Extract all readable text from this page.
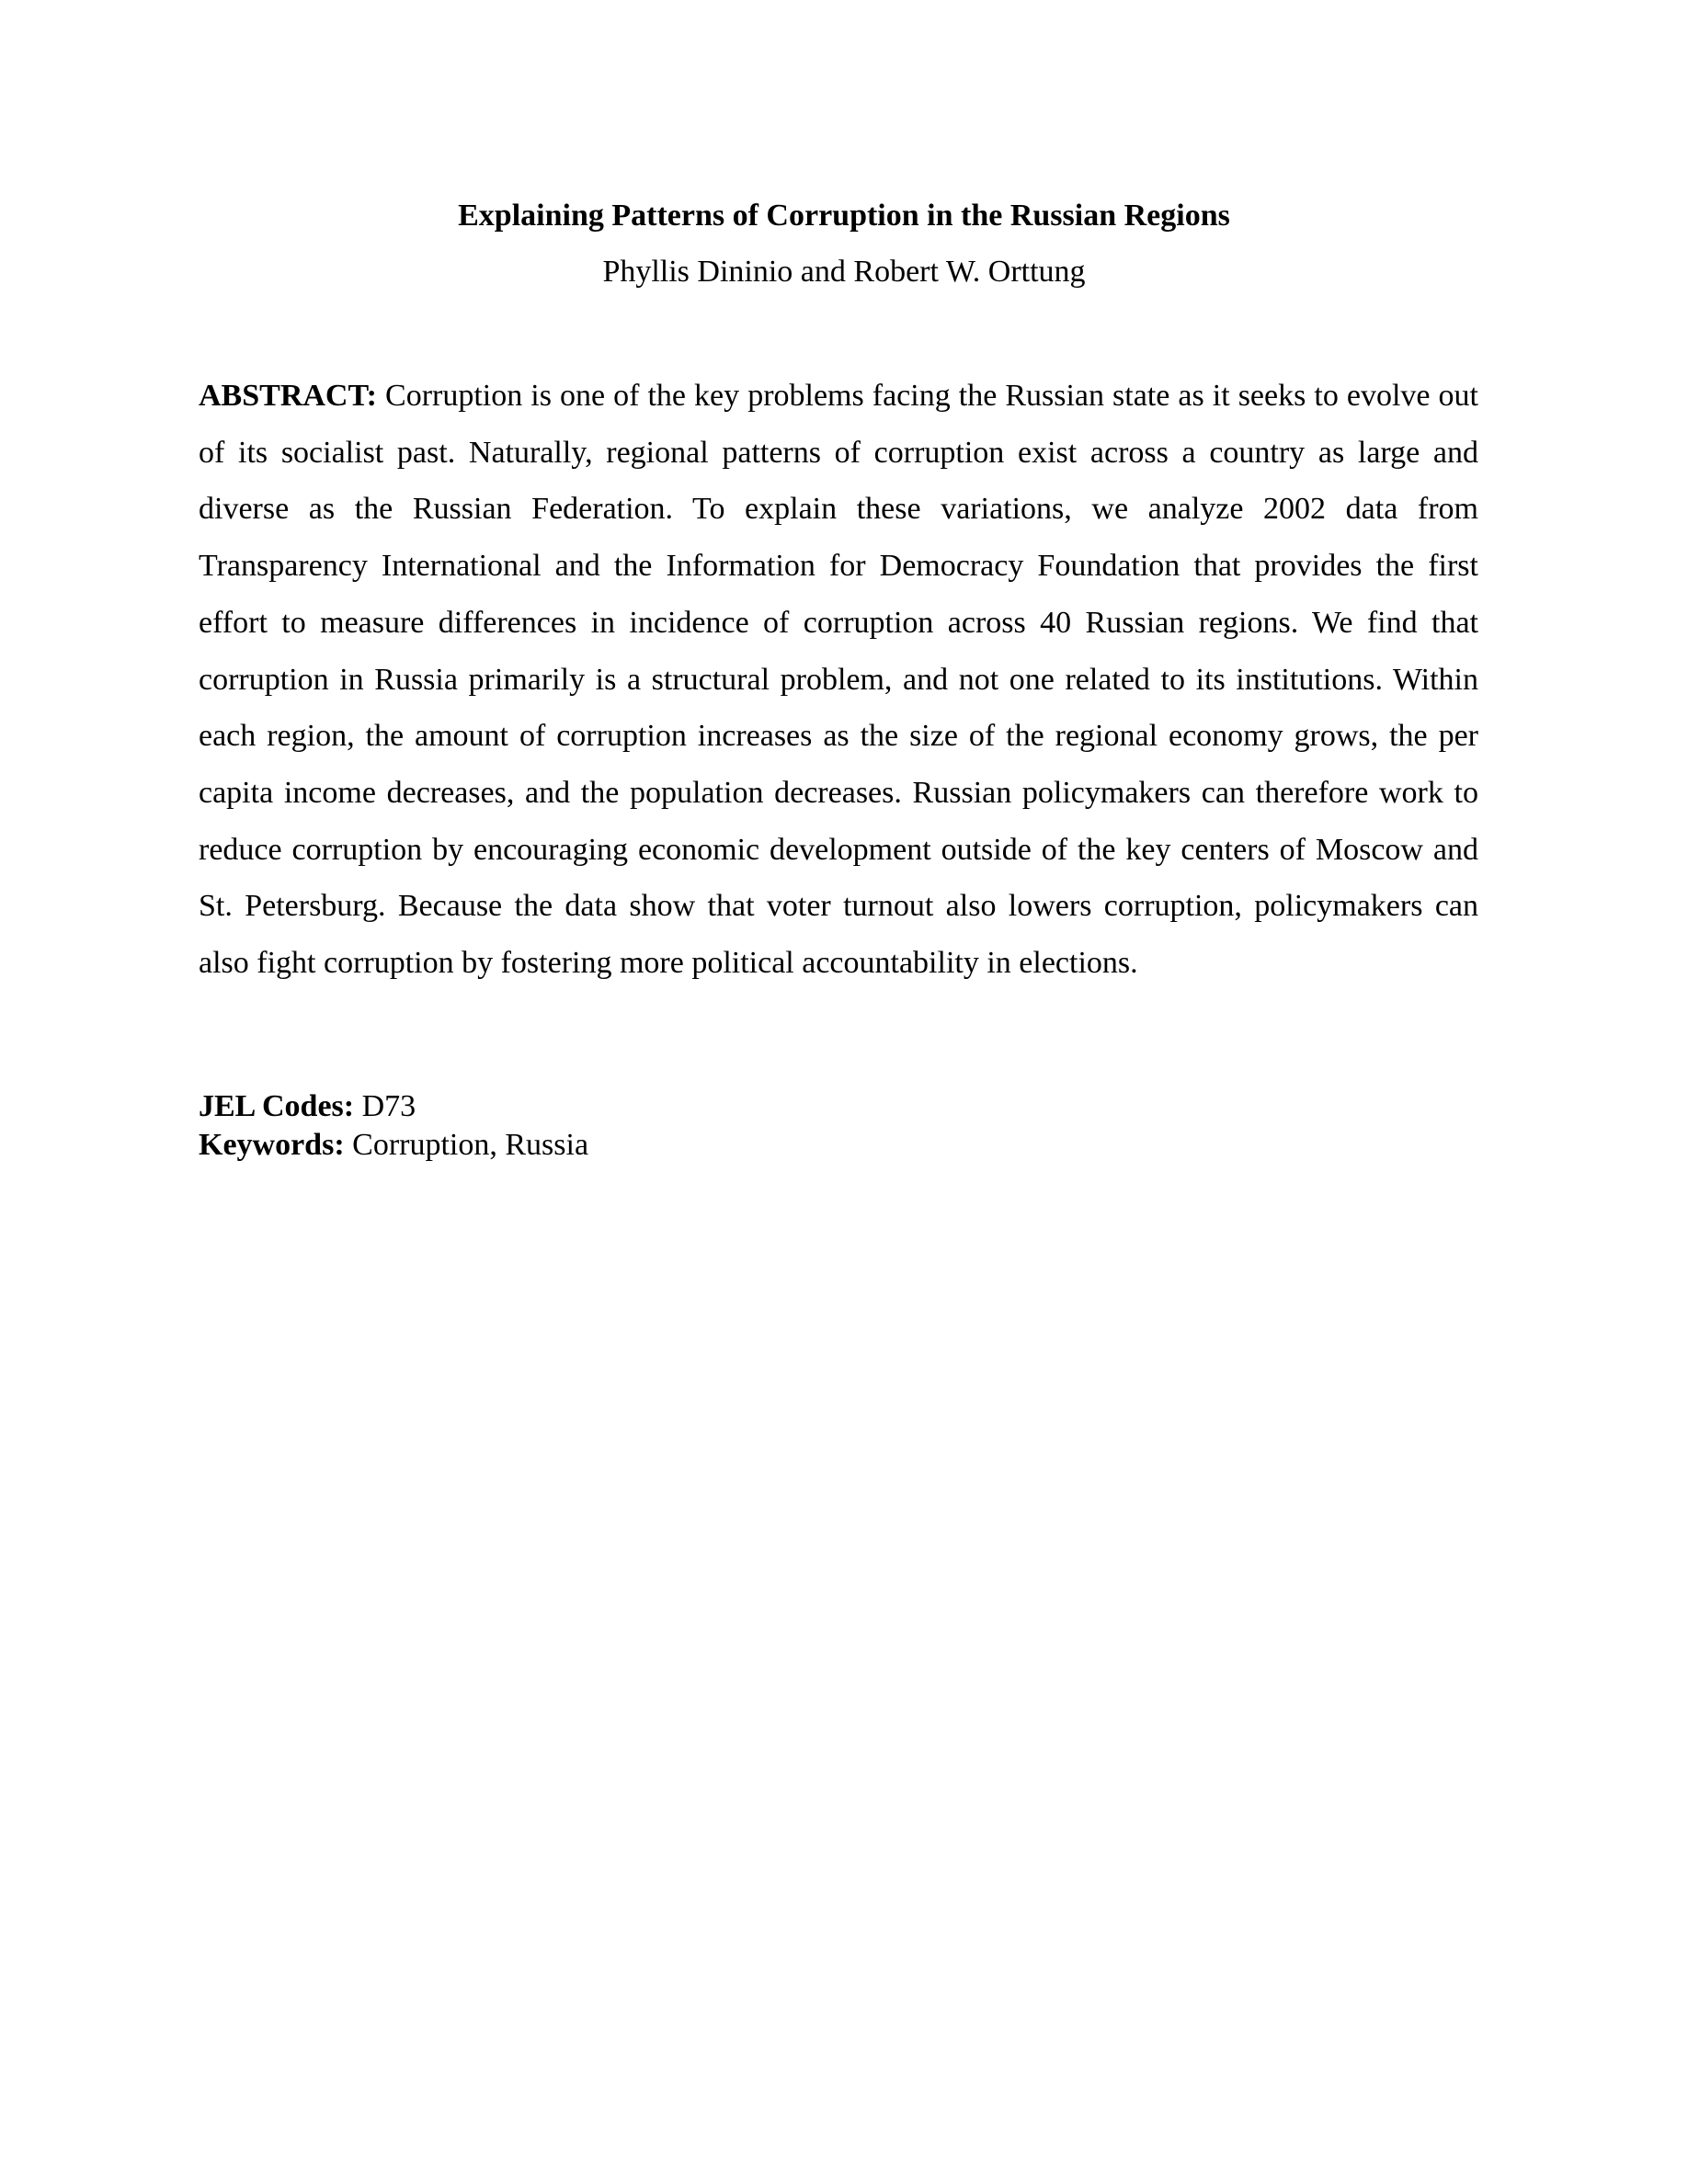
Explaining Patterns of Corruption in the Russian Regions
Phyllis Dininio and Robert W. Orttung

ABSTRACT: Corruption is one of the key problems facing the Russian state as it seeks to evolve out of its socialist past. Naturally, regional patterns of corruption exist across a country as large and diverse as the Russian Federation. To explain these variations, we analyze 2002 data from Transparency International and the Information for Democracy Foundation that provides the first effort to measure differences in incidence of corruption across 40 Russian regions. We find that corruption in Russia primarily is a structural problem, and not one related to its institutions. Within each region, the amount of corruption increases as the size of the regional economy grows, the per capita income decreases, and the population decreases. Russian policymakers can therefore work to reduce corruption by encouraging economic development outside of the key centers of Moscow and St. Petersburg. Because the data show that voter turnout also lowers corruption, policymakers can also fight corruption by fostering more political accountability in elections.

JEL Codes: D73
Keywords: Corruption, Russia
